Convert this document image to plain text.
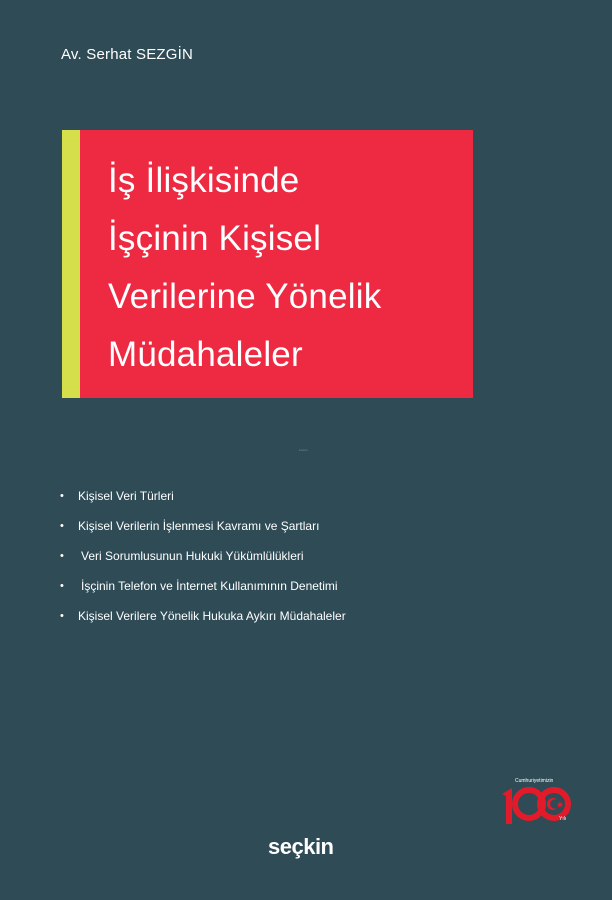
Av. Serhat SEZGİN
İş İlişkisinde
İşçinin Kişisel
Verilerine Yönelik
Müdahaleler
Lorem
•	Kişisel Veri Türleri
•	Kişisel Verilerin İşlenmesi Kavramı ve Şartları
•	Veri Sorumlusunun Hukuki Yükümlülükleri
•	İşçinin Telefon ve İnternet Kullanımının Denetimi
•	Kişisel Verilere Yönelik Hukuka Aykırı Müdahaleler
Cumhuriyetimizin
Yılı
seçkin
